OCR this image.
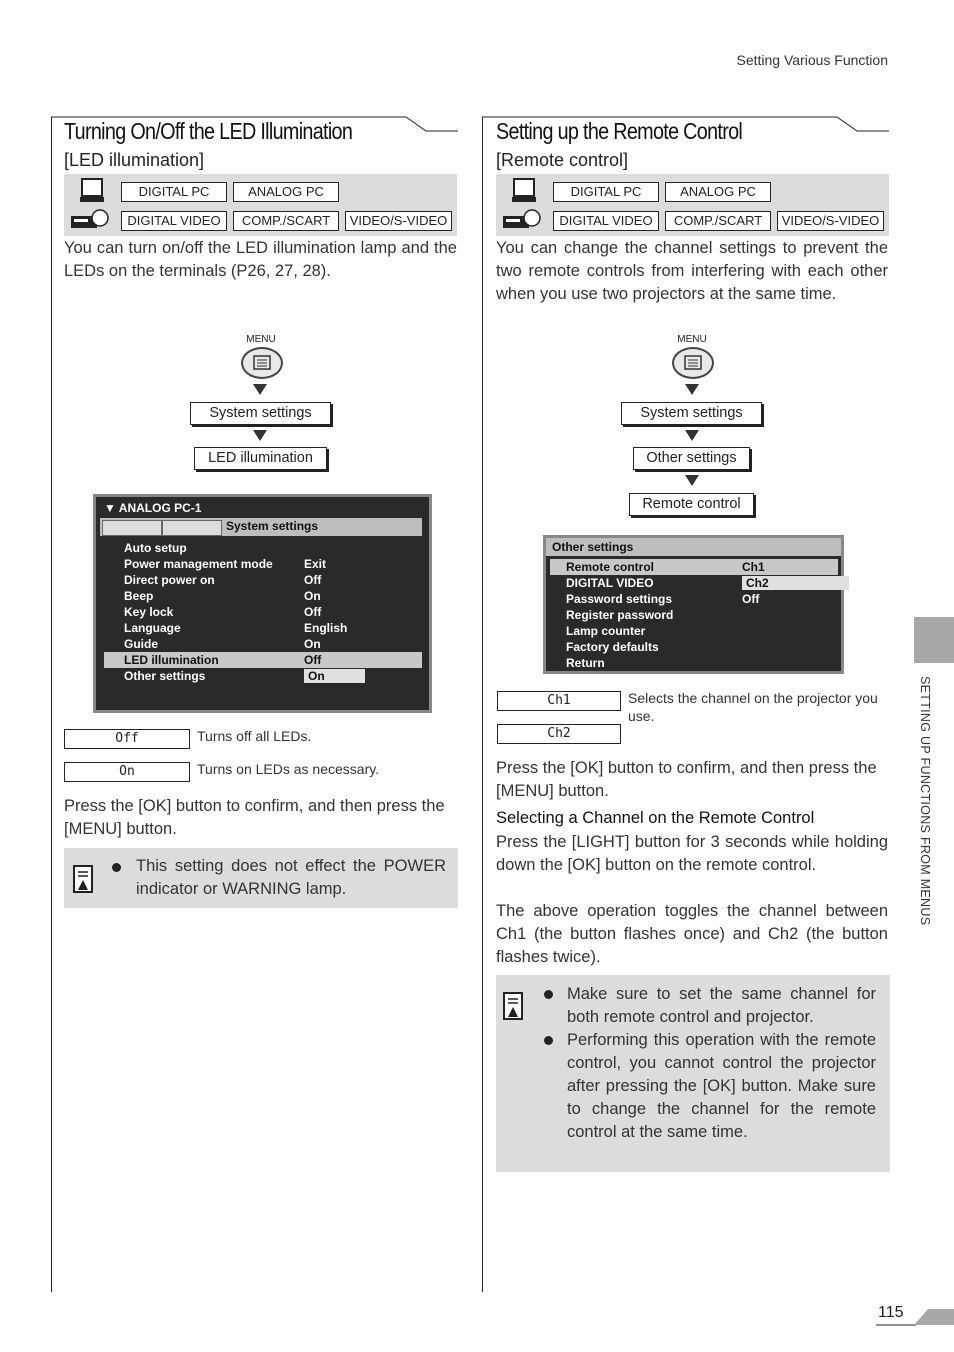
Setting Various Function
Turning On/Off the LED Illumination
[LED illumination]
DIGITAL PC	ANALOG PC
DIGITAL VIDEO	COMP./SCART	VIDEO/S-VIDEO
You can turn on/off the LED illumination lamp and the LEDs on the terminals (P26, 27, 28).
MENU
System settings
LED illumination
▼ ANALOG PC-1
System settings
Auto setup
Power management mode	Exit
Direct power on	Off
Beep	On
Key lock	Off
Language	English
Guide	On
LED illumination	Off
Other settings	On
Off	Turns off all LEDs.
On	Turns on LEDs as necessary.
Press the [OK] button to confirm, and then press the [MENU] button.
This setting does not effect the POWER indicator or WARNING lamp.
Setting up the Remote Control
[Remote control]
DIGITAL PC	ANALOG PC
DIGITAL VIDEO	COMP./SCART	VIDEO/S-VIDEO
You can change the channel settings to prevent the two remote controls from interfering with each other when you use two projectors at the same time.
MENU
System settings
Other settings
Remote control
Other settings
Remote control	Ch1
DIGITAL VIDEO	Ch2
Password settings	Off
Register password
Lamp counter
Factory defaults
Return
Ch1	Selects the channel on the projector you use.
Ch2
Press the [OK] button to confirm, and then press the [MENU] button.
Selecting a Channel on the Remote Control
Press the [LIGHT] button for 3 seconds while holding down the [OK] button on the remote control.
The above operation toggles the channel between Ch1 (the button flashes once) and Ch2 (the button flashes twice).
Make sure to set the same channel for both remote control and projector.
Performing this operation with the remote control, you cannot control the projector after pressing the [OK] button. Make sure to change the channel for the remote control at the same time.
SETTING UP FUNCTIONS FROM MENUS
115
